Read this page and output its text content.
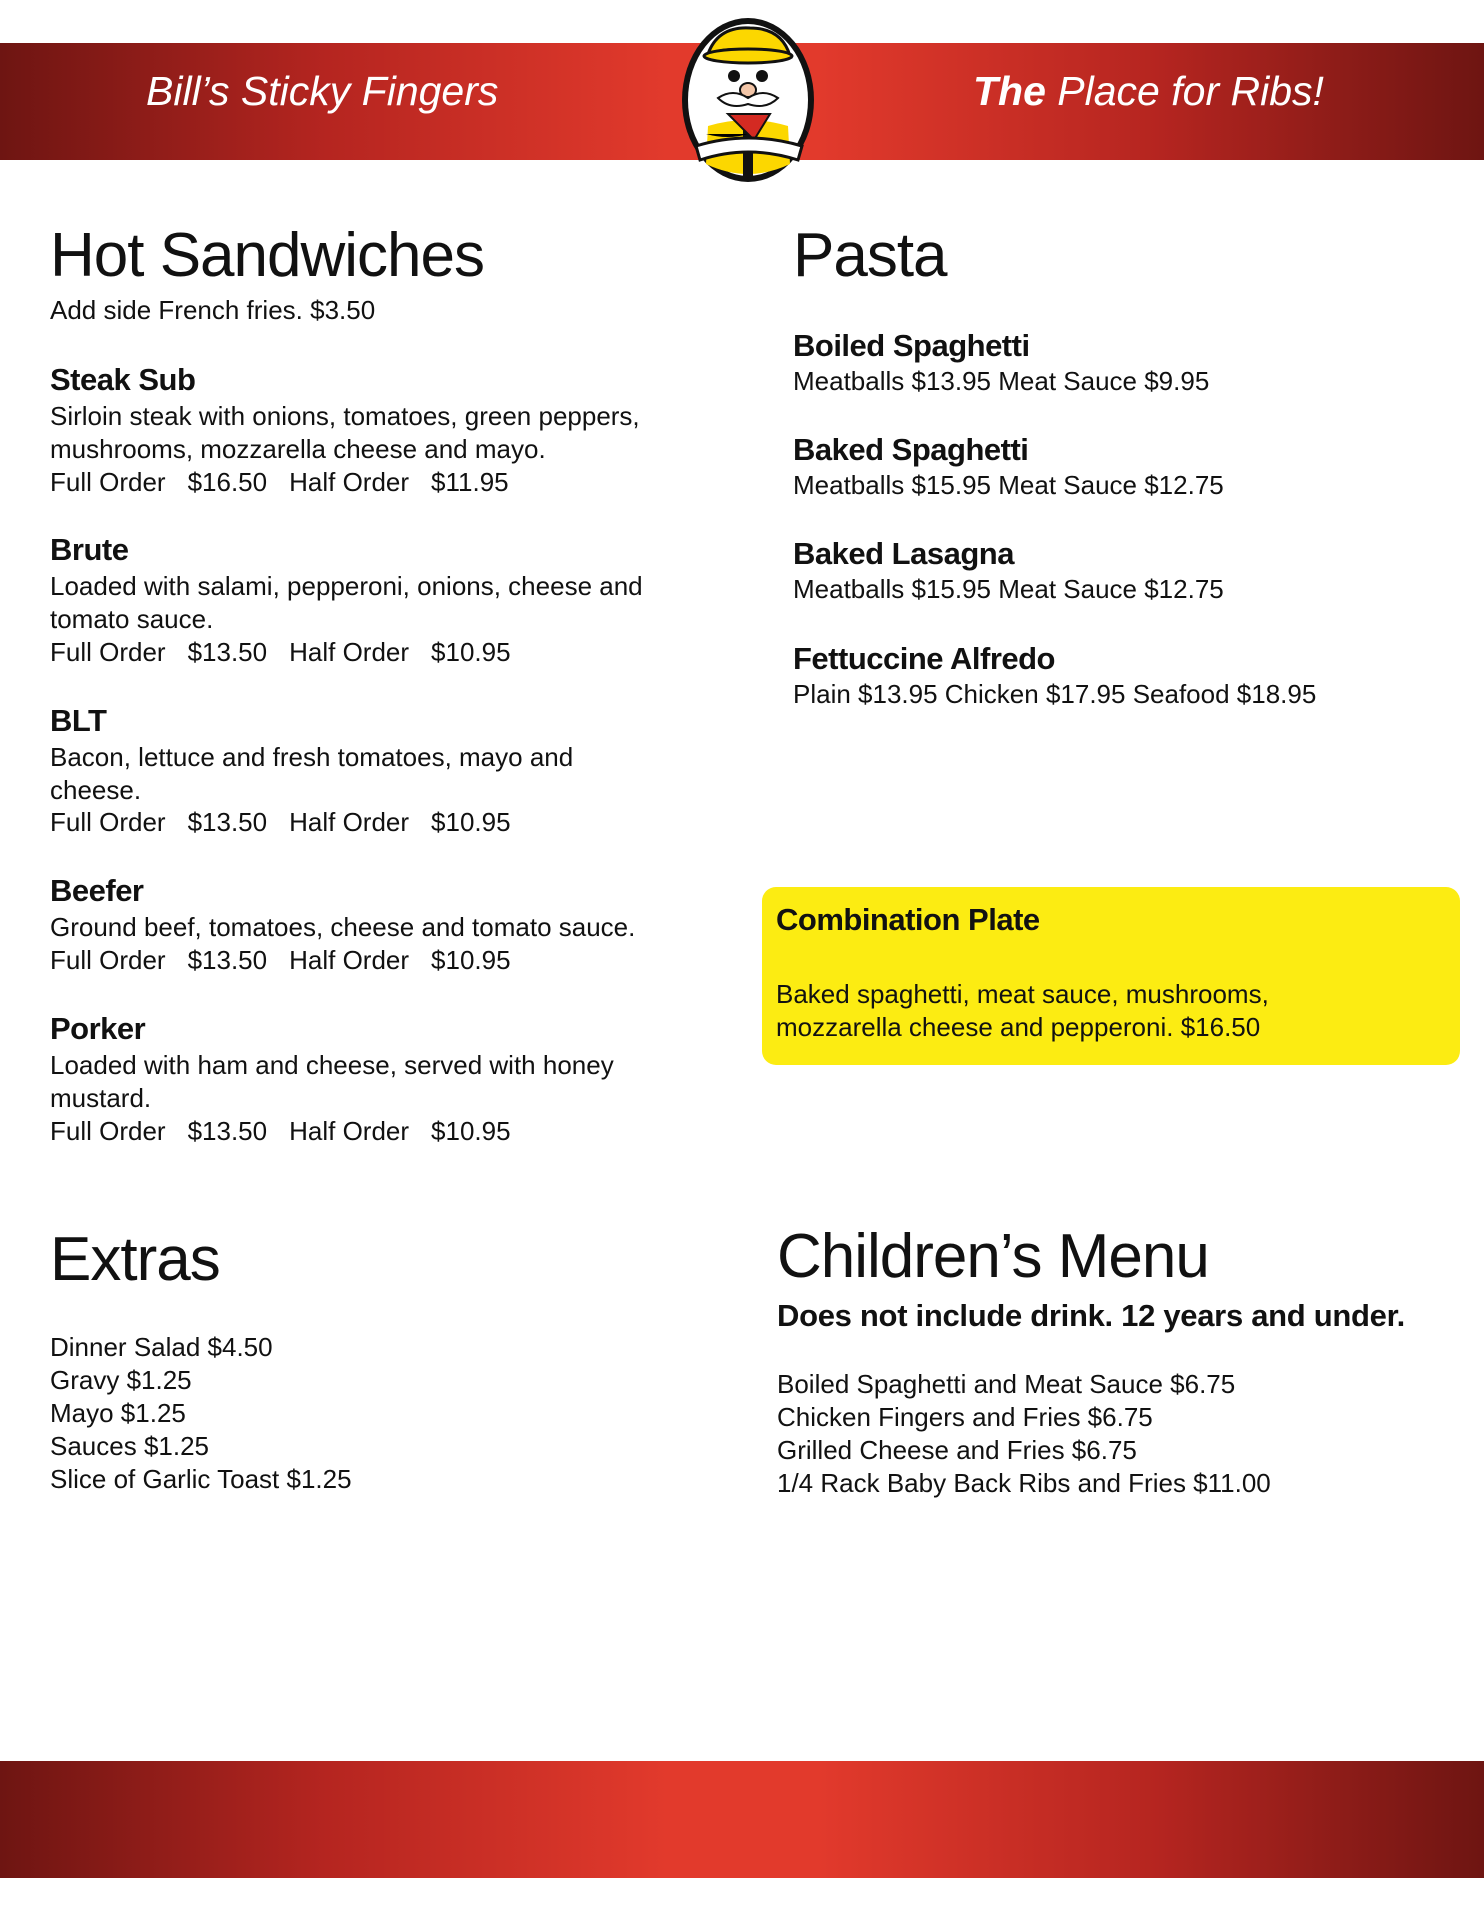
Bill’s Sticky Fingers	The Place for Ribs!
Hot Sandwiches
Add side French fries. $3.50
Steak Sub
Sirloin steak with onions, tomatoes, green peppers,
mushrooms, mozzarella cheese and mayo.
Full Order $16.50 Half Order $11.95
Brute
Loaded with salami, pepperoni, onions, cheese and
tomato sauce.
Full Order $13.50 Half Order $10.95
BLT
Bacon, lettuce and fresh tomatoes, mayo and
cheese.
Full Order $13.50 Half Order $10.95
Beefer
Ground beef, tomatoes, cheese and tomato sauce.
Full Order $13.50 Half Order $10.95
Porker
Loaded with ham and cheese, served with honey
mustard.
Full Order $13.50 Half Order $10.95
Pasta
Boiled Spaghetti
Meatballs $13.95 Meat Sauce $9.95
Baked Spaghetti
Meatballs $15.95 Meat Sauce $12.75
Baked Lasagna
Meatballs $15.95 Meat Sauce $12.75
Fettuccine Alfredo
Plain $13.95 Chicken $17.95 Seafood $18.95
Combination Plate
Baked spaghetti, meat sauce, mushrooms,
mozzarella cheese and pepperoni. $16.50
Extras
Dinner Salad $4.50
Gravy $1.25
Mayo $1.25
Sauces $1.25
Slice of Garlic Toast $1.25
Children’s Menu
Does not include drink. 12 years and under.
Boiled Spaghetti and Meat Sauce $6.75
Chicken Fingers and Fries $6.75
Grilled Cheese and Fries $6.75
1/4 Rack Baby Back Ribs and Fries $11.00
